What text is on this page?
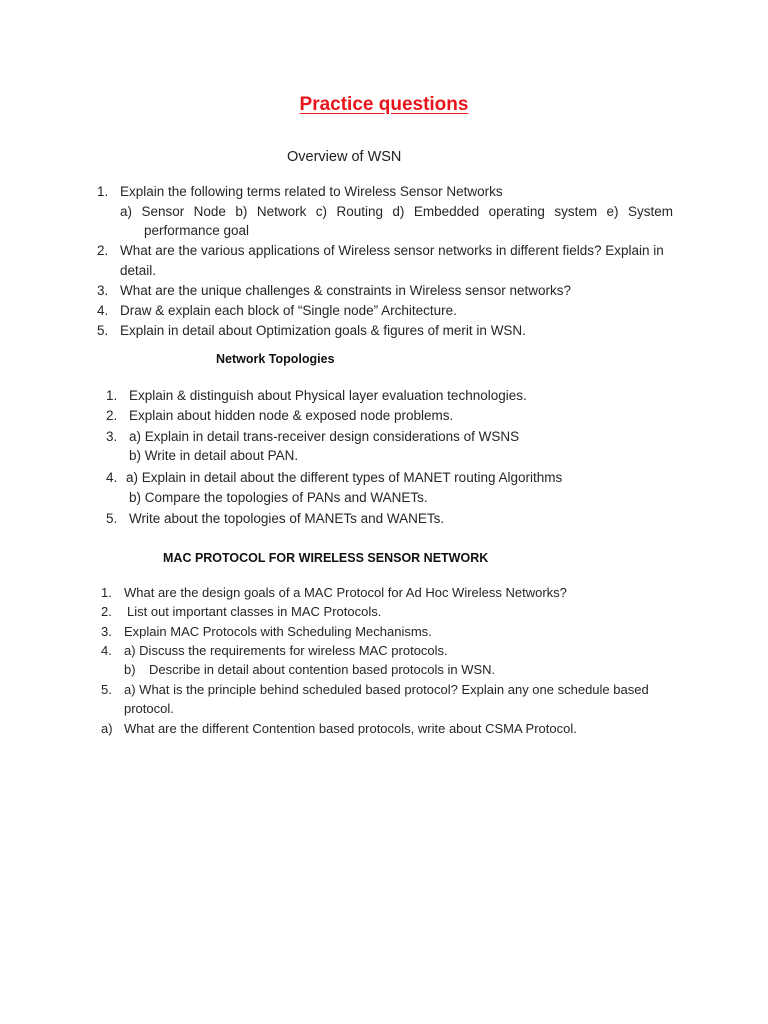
Practice questions
Overview of WSN
1. Explain the following terms related to Wireless Sensor Networks
a) Sensor Node b) Network c) Routing d) Embedded operating system e) System
performance goal
2. What are the various applications of Wireless sensor networks in different fields? Explain in
detail.
3. What are the unique challenges & constraints in Wireless sensor networks?
4. Draw & explain each block of “Single node” Architecture.
5. Explain in detail about Optimization goals & figures of merit in WSN.
Network Topologies
1. Explain & distinguish about Physical layer evaluation technologies.
2. Explain about hidden node & exposed node problems.
3. a) Explain in detail trans-receiver design considerations of WSNS
b) Write in detail about PAN.
4. a) Explain in detail about the different types of MANET routing Algorithms
b) Compare the topologies of PANs and WANETs.
5. Write about the topologies of MANETs and WANETs.
MAC PROTOCOL FOR WIRELESS SENSOR NETWORK
1. What are the design goals of a MAC Protocol for Ad Hoc Wireless Networks?
2. List out important classes in MAC Protocols.
3. Explain MAC Protocols with Scheduling Mechanisms.
4. a) Discuss the requirements for wireless MAC protocols.
b) Describe in detail about contention based protocols in WSN.
5. a) What is the principle behind scheduled based protocol? Explain any one schedule based
protocol.
a) What are the different Contention based protocols, write about CSMA Protocol.
